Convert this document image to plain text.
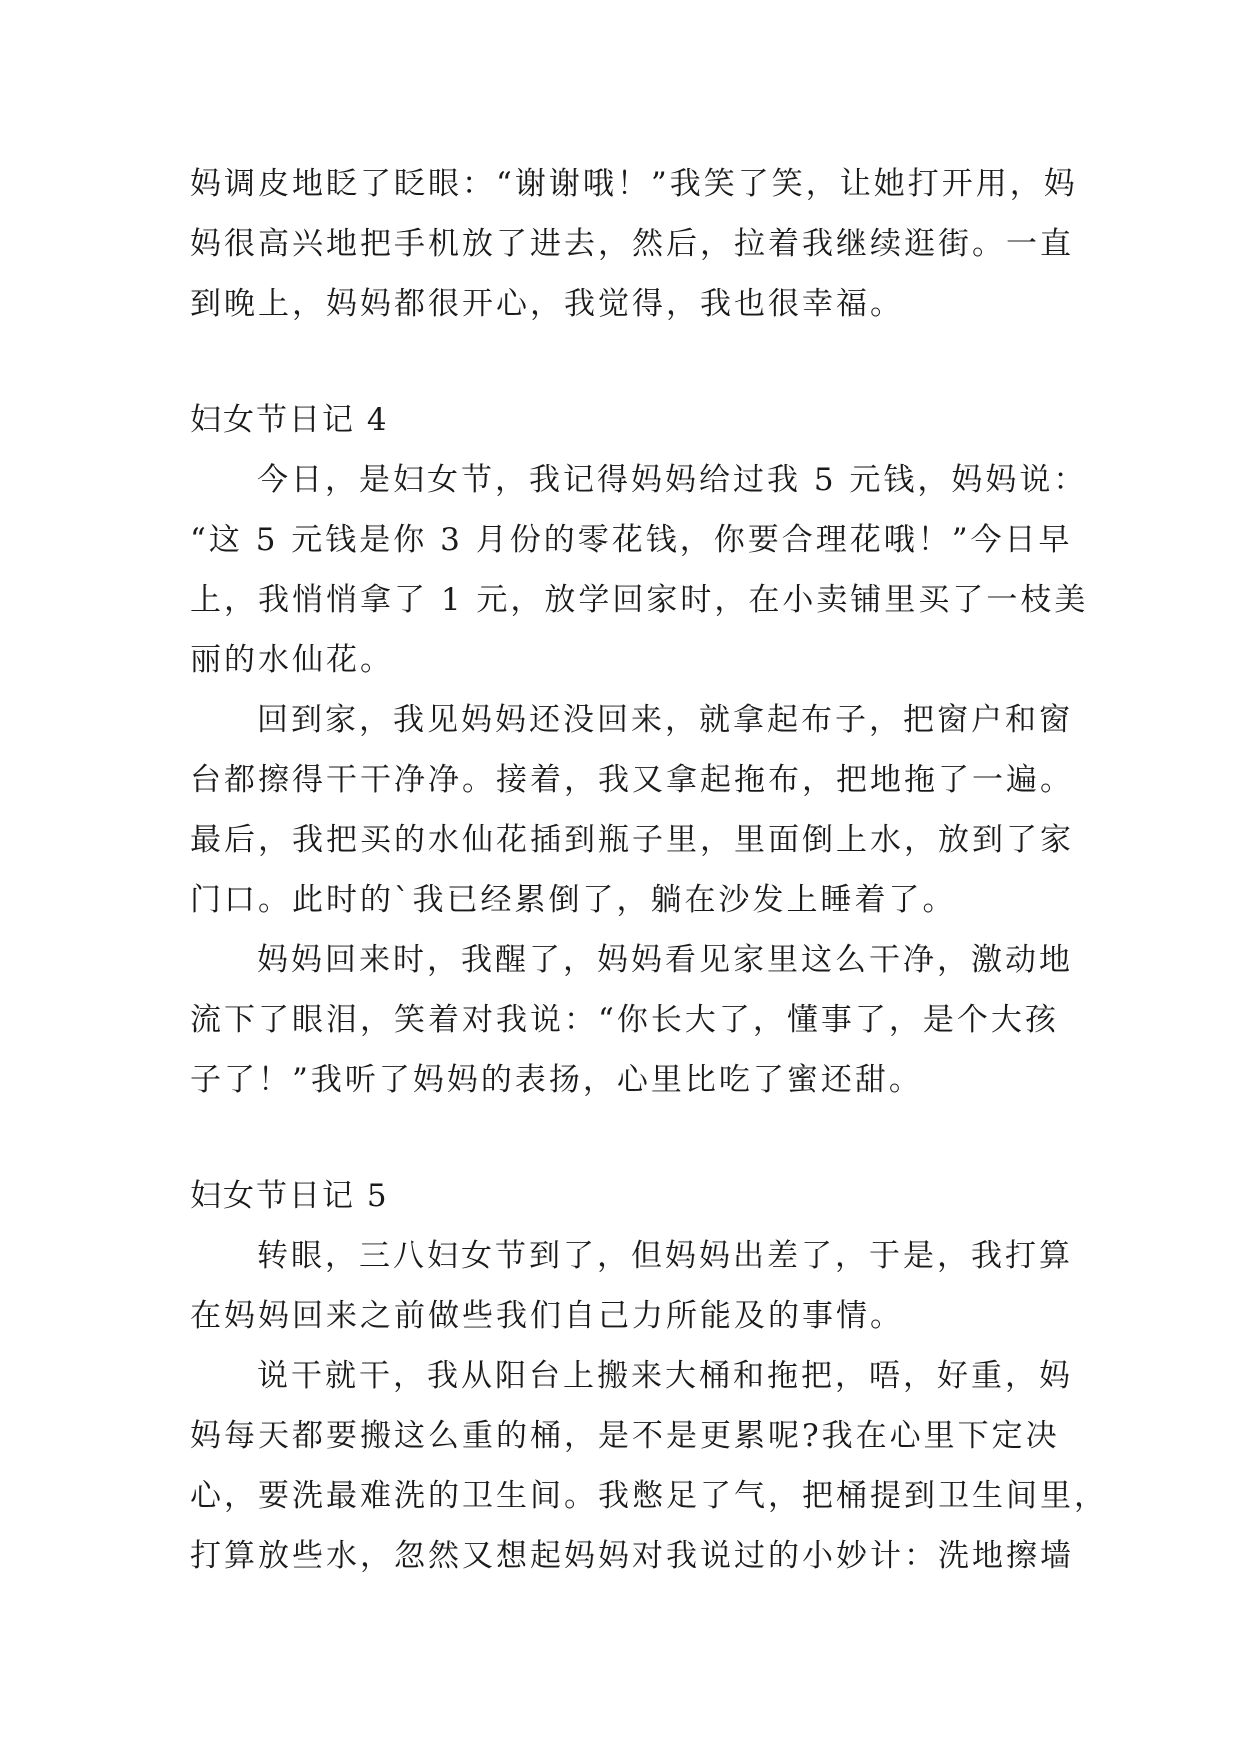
妈调皮地眨了眨眼：“谢谢哦！”我笑了笑，让她打开用，妈
妈很高兴地把手机放了进去，然后，拉着我继续逛街。一直
到晚上，妈妈都很开心，我觉得，我也很幸福。
妇女节日记 4
今日，是妇女节，我记得妈妈给过我 5 元钱，妈妈说：
“这 5 元钱是你 3 月份的零花钱，你要合理花哦！”今日早
上，我悄悄拿了 1 元，放学回家时，在小卖铺里买了一枝美
丽的水仙花。
回到家，我见妈妈还没回来，就拿起布子，把窗户和窗
台都擦得干干净净。接着，我又拿起拖布，把地拖了一遍。
最后，我把买的水仙花插到瓶子里，里面倒上水，放到了家
门口。此时的`我已经累倒了，躺在沙发上睡着了。
妈妈回来时，我醒了，妈妈看见家里这么干净，激动地
流下了眼泪，笑着对我说：“你长大了，懂事了，是个大孩
子了！”我听了妈妈的表扬，心里比吃了蜜还甜。
妇女节日记 5
转眼，三八妇女节到了，但妈妈出差了，于是，我打算
在妈妈回来之前做些我们自己力所能及的事情。
说干就干，我从阳台上搬来大桶和拖把，唔，好重，妈
妈每天都要搬这么重的桶，是不是更累呢?我在心里下定决
心，要洗最难洗的卫生间。我憋足了气，把桶提到卫生间里，
打算放些水，忽然又想起妈妈对我说过的小妙计：洗地擦墙
